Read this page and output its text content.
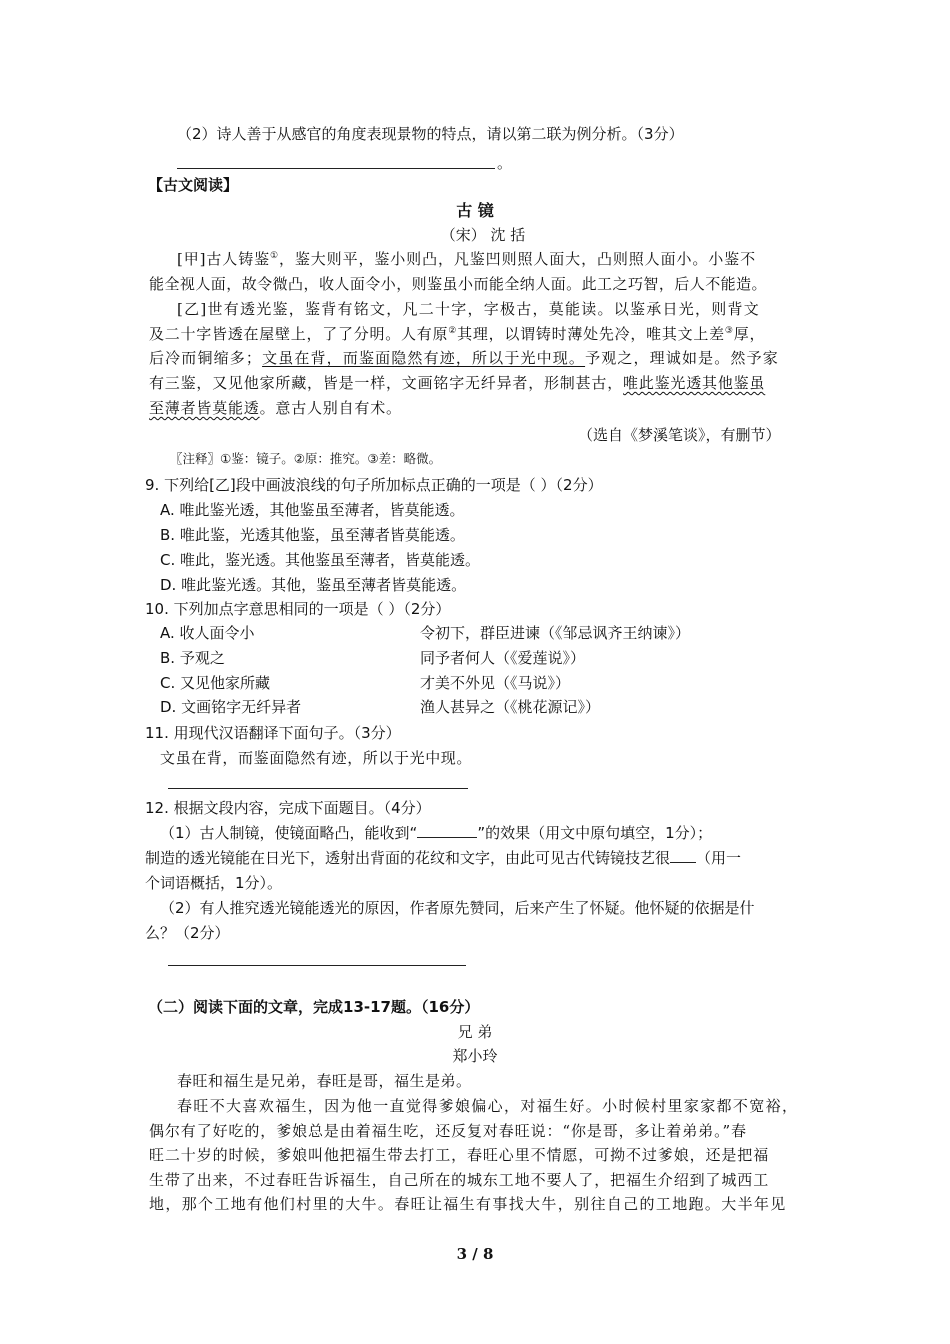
（2）诗人善于从感官的角度表现景物的特点，请以第二联为例分析。（3分）
。
【古文阅读】
古 镜
（宋） 沈 括
[甲]古人铸鉴①，鉴大则平，鉴小则凸，凡鉴凹则照人面大，凸则照人面小。小鉴不
能全视人面，故令微凸，收人面令小，则鉴虽小而能全纳人面。此工之巧智，后人不能造。
[乙]世有透光鉴，鉴背有铭文，凡二十字，字极古，莫能读。以鉴承日光，则背文
及二十字皆透在屋壁上，了了分明。人有原②其理，以谓铸时薄处先冷，唯其文上差③厚，
后冷而铜缩多；文虽在背，而鉴面隐然有迹，所以于光中现。予观之，理诚如是。然予家
有三鉴，又见他家所藏，皆是一样，文画铭字无纤异者，形制甚古，唯此鉴光透其他鉴虽
至薄者皆莫能透。意古人别自有术。
（选自《梦溪笔谈》，有删节）
〖注释〗①鉴：镜子。②原：推究。③差：略微。
9. 下列给[乙]段中画波浪线的句子所加标点正确的一项是（ ）（2分）
A. 唯此鉴光透，其他鉴虽至薄者，皆莫能透。
B. 唯此鉴，光透其他鉴，虽至薄者皆莫能透。
C. 唯此，鉴光透。其他鉴虽至薄者，皆莫能透。
D. 唯此鉴光透。其他，鉴虽至薄者皆莫能透。
10. 下列加点字意思相同的一项是（ ）（2分）
A. 收人面令小	令初下，群臣进谏（《邹忌讽齐王纳谏》）
B. 予观之	同予者何人（《爱莲说》）
C. 又见他家所藏	才美不外见（《马说》）
D. 文画铭字无纤异者	渔人甚异之（《桃花源记》）
11. 用现代汉语翻译下面句子。（3分）
文虽在背，而鉴面隐然有迹，所以于光中现。
12. 根据文段内容，完成下面题目。（4分）
（1）古人制镜，使镜面略凸，能收到“	”的效果（用文中原句填空，1分）；
制造的透光镜能在日光下，透射出背面的花纹和文字，由此可见古代铸镜技艺很 （用一
个词语概括，1分）。
（2）有人推究透光镜能透光的原因，作者原先赞同，后来产生了怀疑。他怀疑的依据是什
么？（2分）
（二）阅读下面的文章，完成13-17题。（16分）
兄 弟
郑小玲
春旺和福生是兄弟，春旺是哥，福生是弟。
春旺不大喜欢福生，因为他一直觉得爹娘偏心，对福生好。小时候村里家家都不宽裕，
偶尔有了好吃的，爹娘总是由着福生吃，还反复对春旺说：“你是哥，多让着弟弟。”春
旺二十岁的时候，爹娘叫他把福生带去打工，春旺心里不情愿，可拗不过爹娘，还是把福
生带了出来，不过春旺告诉福生，自己所在的城东工地不要人了，把福生介绍到了城西工
地，那个工地有他们村里的大牛。春旺让福生有事找大牛，别往自己的工地跑。大半年见
3 / 8
